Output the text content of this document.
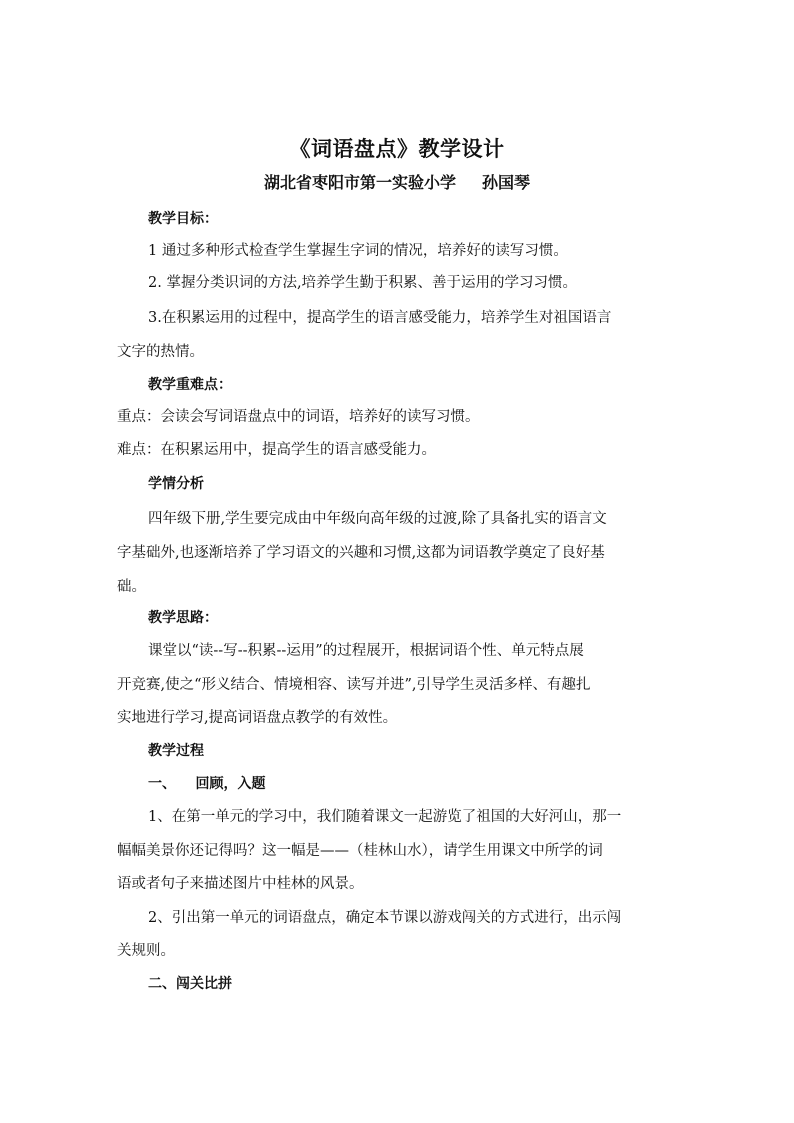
《词语盘点》教学设计
湖北省枣阳市第一实验小学 孙国琴
教学目标：
1 通过多种形式检查学生掌握生字词的情况，培养好的读写习惯。
2. 掌握分类识词的方法,培养学生勤于积累、善于运用的学习习惯。
3.在积累运用的过程中，提高学生的语言感受能力，培养学生对祖国语言
文字的热情。
教学重难点：
重点：会读会写词语盘点中的词语，培养好的读写习惯。
难点：在积累运用中，提高学生的语言感受能力。
学情分析
四年级下册,学生要完成由中年级向高年级的过渡,除了具备扎实的语言文
字基础外,也逐渐培养了学习语文的兴趣和习惯,这都为词语教学奠定了良好基
础。
教学思路：
课堂以“读--写--积累--运用”的过程展开，根据词语个性、单元特点展
开竞赛,使之“形义结合、情境相容、读写并进”,引导学生灵活多样、有趣扎
实地进行学习,提高词语盘点教学的有效性。
教学过程
一、    回顾，入题
1、在第一单元的学习中，我们随着课文一起游览了祖国的大好河山，那一
幅幅美景你还记得吗？这一幅是——（桂林山水），请学生用课文中所学的词
语或者句子来描述图片中桂林的风景。
2、引出第一单元的词语盘点，确定本节课以游戏闯关的方式进行，出示闯
关规则。
二、闯关比拼
